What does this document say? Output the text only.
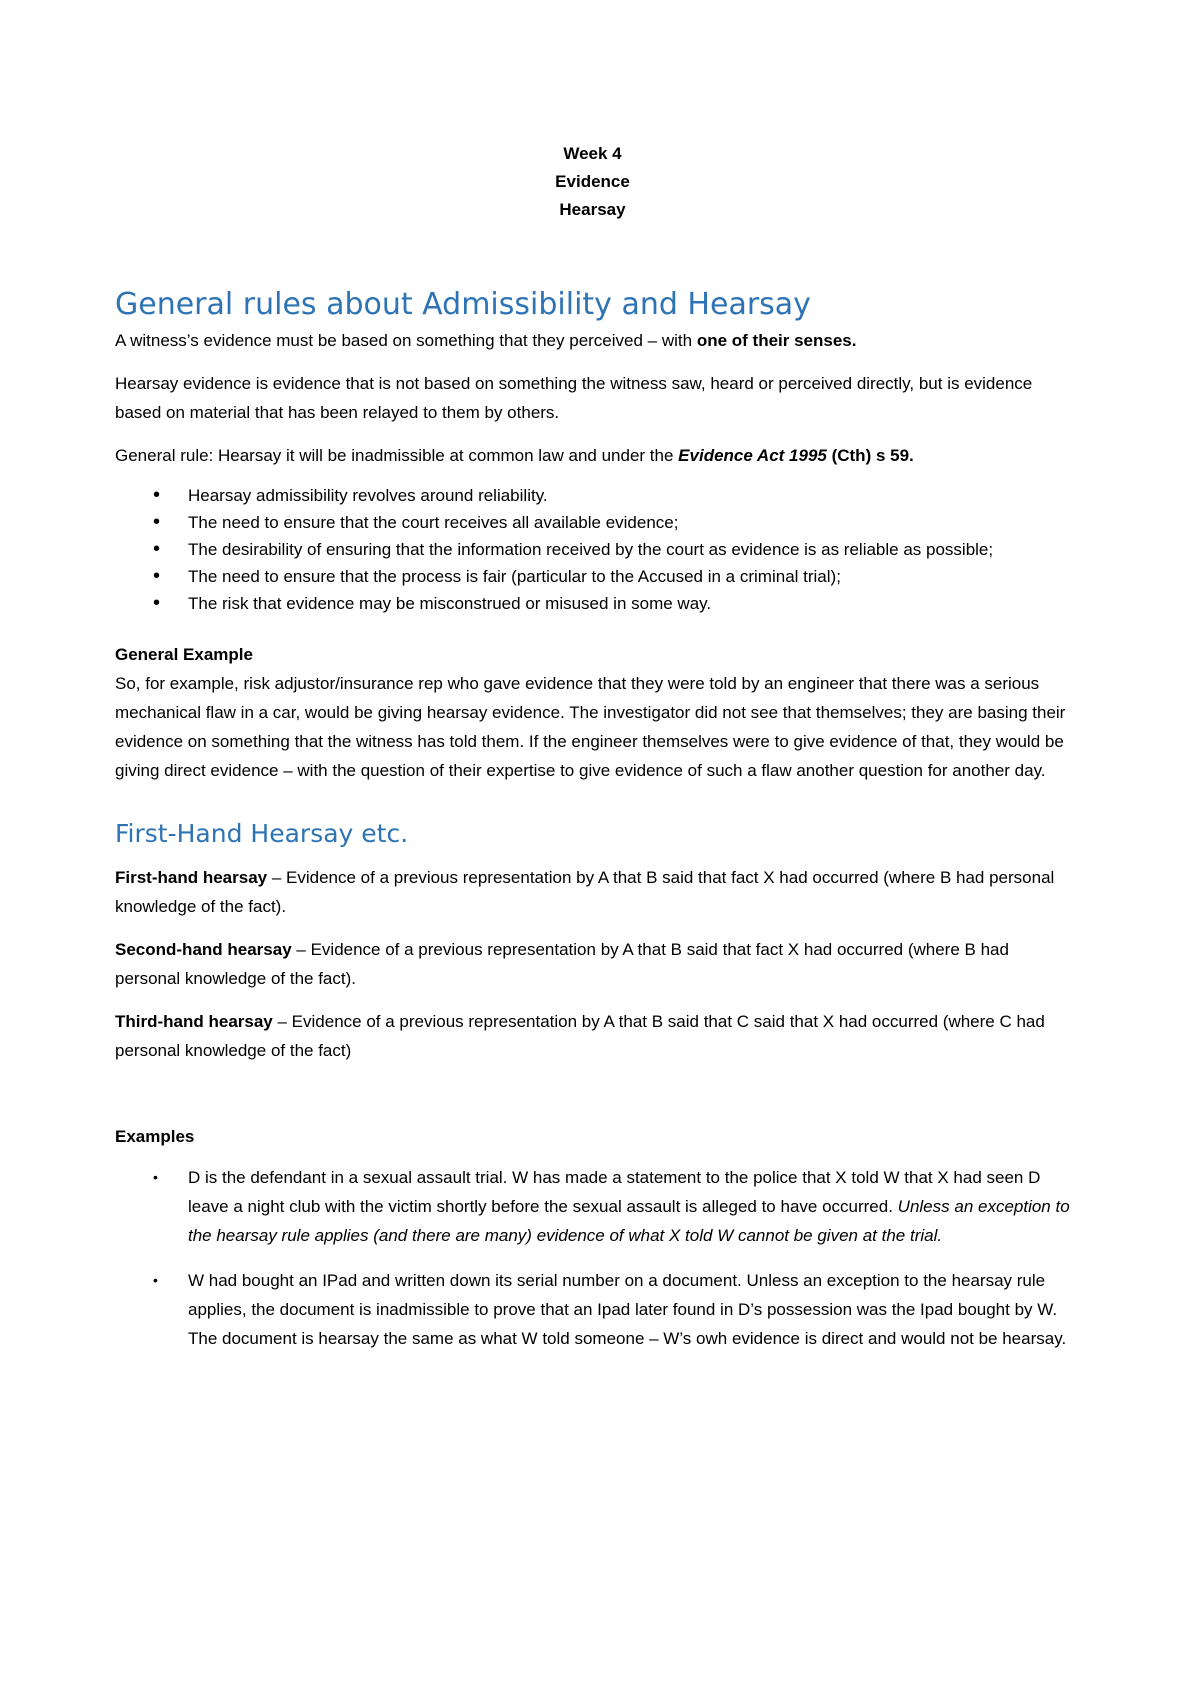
Week 4
Evidence
Hearsay
General rules about Admissibility and Hearsay

A witness’s evidence must be based on something that they perceived – with one of their senses.

Hearsay evidence is evidence that is not based on something the witness saw, heard or perceived directly, but is evidence based on material that has been relayed to them by others.

General rule: Hearsay it will be inadmissible at common law and under the Evidence Act 1995 (Cth) s 59.

• Hearsay admissibility revolves around reliability.
• The need to ensure that the court receives all available evidence;
• The desirability of ensuring that the information received by the court as evidence is as reliable as possible;
• The need to ensure that the process is fair (particular to the Accused in a criminal trial);
• The risk that evidence may be misconstrued or misused in some way.
General Example

So, for example, risk adjustor/insurance rep who gave evidence that they were told by an engineer that there was a serious mechanical flaw in a car, would be giving hearsay evidence. The investigator did not see that themselves; they are basing their evidence on something that the witness has told them. If the engineer themselves were to give evidence of that, they would be giving direct evidence – with the question of their expertise to give evidence of such a flaw another question for another day.

First-Hand Hearsay etc.

First-hand hearsay – Evidence of a previous representation by A that B said that fact X had occurred (where B had personal knowledge of the fact).

Second-hand hearsay – Evidence of a previous representation by A that B said that fact X had occurred (where B had personal knowledge of the fact).

Third-hand hearsay – Evidence of a previous representation by A that B said that C said that X had occurred (where C had personal knowledge of the fact)

Examples
• D is the defendant in a sexual assault trial. W has made a statement to the police that X told W that X had seen D leave a night club with the victim shortly before the sexual assault is alleged to have occurred. Unless an exception to the hearsay rule applies (and there are many) evidence of what X told W cannot be given at the trial.
• W had bought an IPad and written down its serial number on a document. Unless an exception to the hearsay rule applies, the document is inadmissible to prove that an Ipad later found in D’s possession was the Ipad bought by W. The document is hearsay the same as what W told someone – W’s owh evidence is direct and would not be hearsay.
